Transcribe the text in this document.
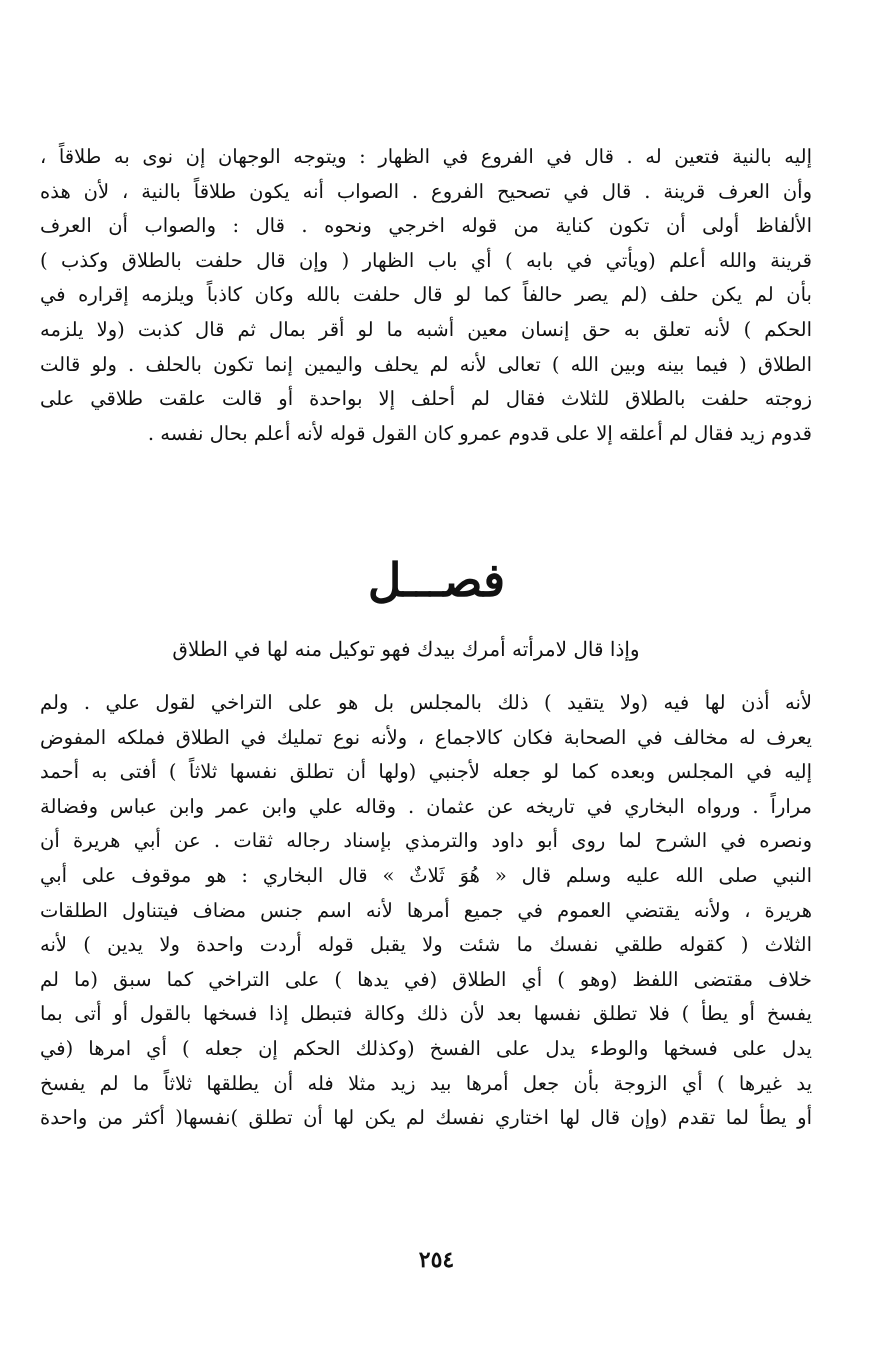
إليه بالنية فتعين له . قال في الفروع في الظهار : ويتوجه الوجهان إن نوى به طلاقاً ،
وأن العرف قرينة . قال في تصحيح الفروع . الصواب أنه يكون طلاقاً بالنية ، لأن هذه
الألفاظ أولى أن تكون كناية من قوله اخرجي ونحوه . قال : والصواب أن العرف
قرينة والله أعلم (ويأتي في بابه ) أي باب الظهار ( وإن قال حلفت بالطلاق وكذب )
بأن لم يكن حلف (لم يصر حالفاً كما لو قال حلفت بالله وكان كاذباً ويلزمه إقراره في
الحكم ) لأنه تعلق به حق إنسان معين أشبه ما لو أقر بمال ثم قال كذبت (ولا يلزمه
الطلاق ( فيما بينه وبين الله ) تعالى لأنه لم يحلف واليمين إنما تكون بالحلف . ولو قالت
زوجته حلفت بالطلاق للثلاث فقال لم أحلف إلا بواحدة أو قالت علقت طلاقي على
قدوم زيد فقال لم أعلقه إلا على قدوم عمرو كان القول قوله لأنه أعلم بحال نفسه .
فصـــل
وإذا قال لامرأته أمرك بيدك فهو توكيل منه لها في الطلاق
لأنه أذن لها فيه (ولا يتقيد ) ذلك بالمجلس بل هو على التراخي لقول علي . ولم
يعرف له مخالف في الصحابة فكان كالاجماع ، ولأنه نوع تمليك في الطلاق فملكه المفوض
إليه في المجلس وبعده كما لو جعله لأجنبي (ولها أن تطلق نفسها ثلاثاً ) أفتى به أحمد
مراراً . ورواه البخاري في تاريخه عن عثمان . وقاله علي وابن عمر وابن عباس وفضالة
ونصره في الشرح لما روى أبو داود والترمذي بإسناد رجاله ثقات . عن أبي هريرة أن
النبي صلى الله عليه وسلم قال « هُوَ ثَلاثٌ » قال البخاري : هو موقوف على أبي
هريرة ، ولأنه يقتضي العموم في جميع أمرها لأنه اسم جنس مضاف فيتناول الطلقات
الثلاث ( كقوله طلقي نفسك ما شئت ولا يقبل قوله أردت واحدة ولا يدين ) لأنه
خلاف مقتضى اللفظ (وهو ) أي الطلاق (في يدها ) على التراخي كما سبق (ما لم
يفسخ أو يطأ ) فلا تطلق نفسها بعد لأن ذلك وكالة فتبطل إذا فسخها بالقول أو أتى بما
يدل على فسخها والوطء يدل على الفسخ (وكذلك الحكم إن جعله ) أي امرها (في
يد غيرها ) أي الزوجة بأن جعل أمرها بيد زيد مثلا فله أن يطلقها ثلاثاً ما لم يفسخ
أو يطأ لما تقدم (وإن قال لها اختاري نفسك لم يكن لها أن تطلق )نفسها( أكثر من واحدة
٢٥٤
